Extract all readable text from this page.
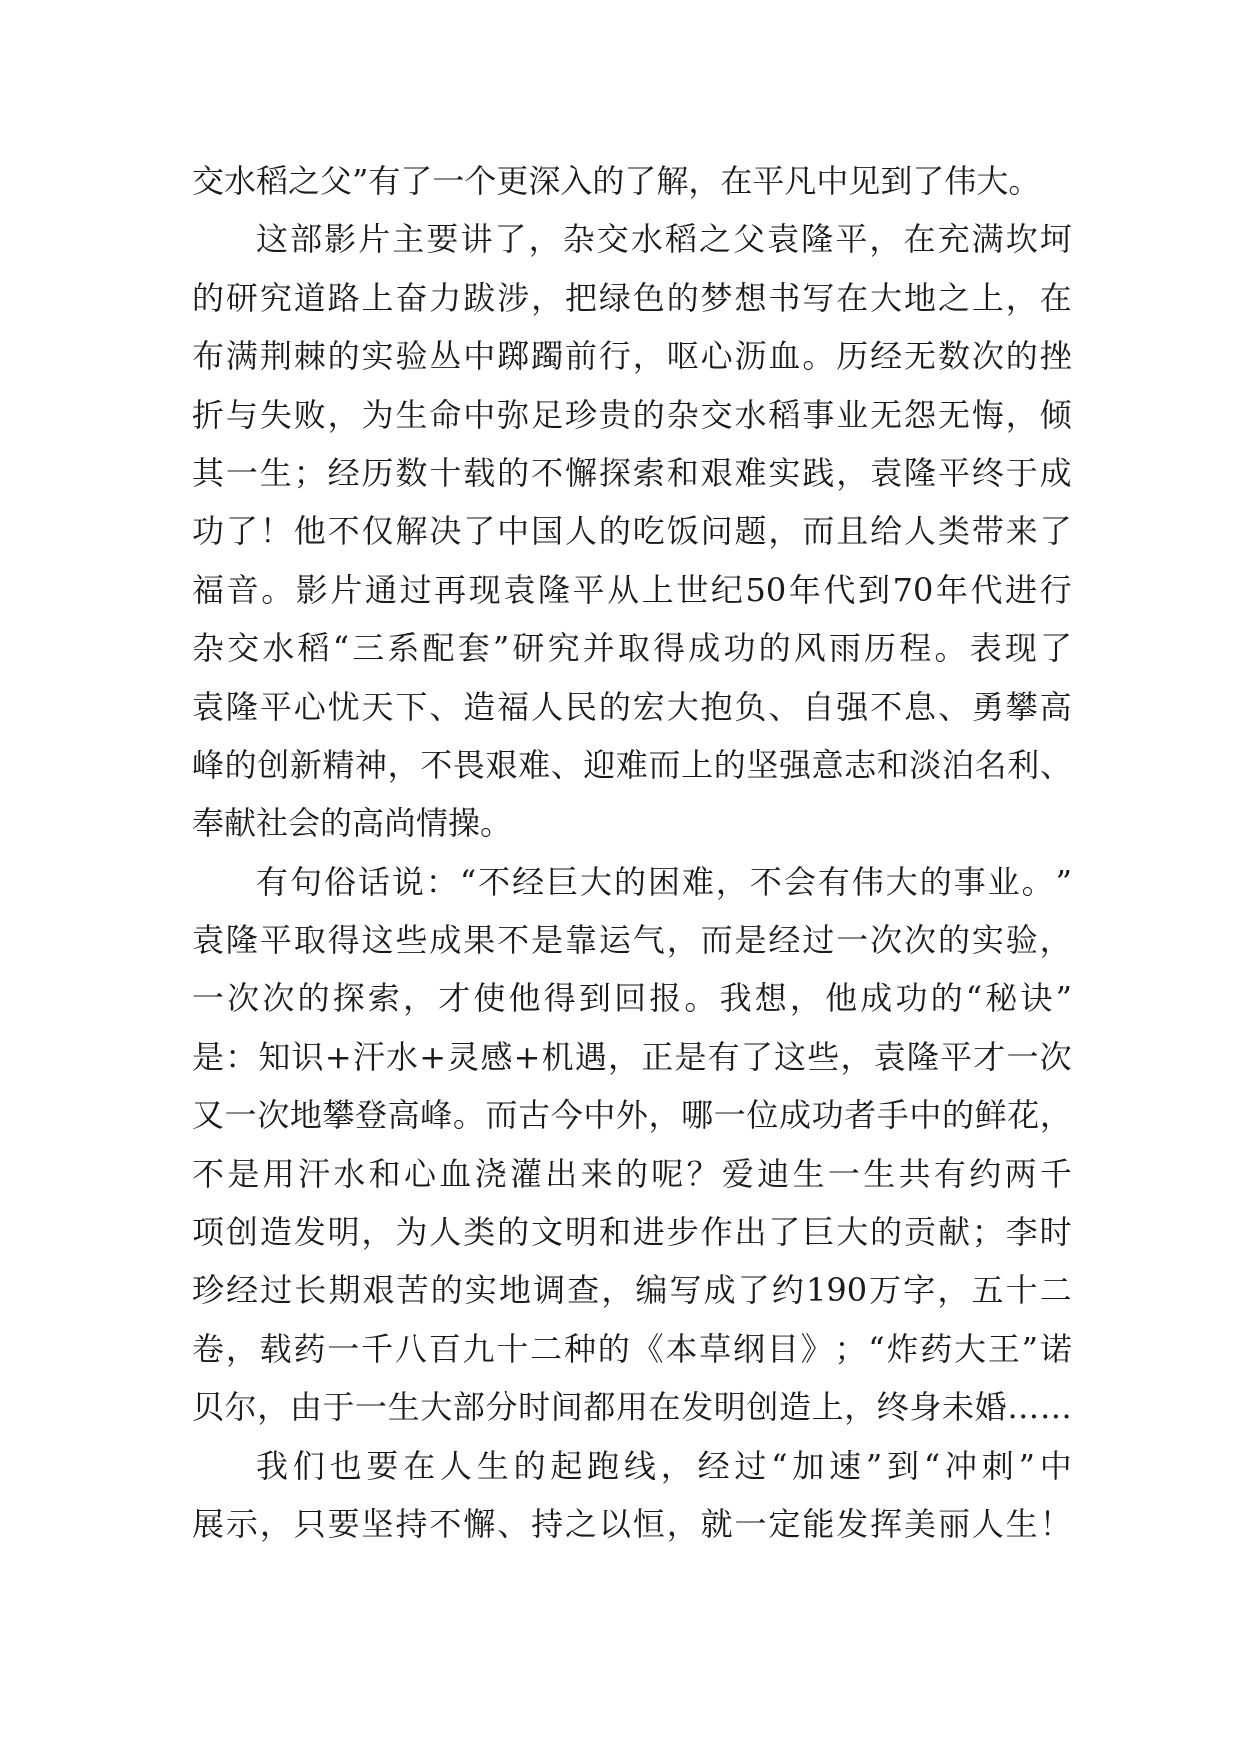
交水稻之父”有了一个更深入的了解，在平凡中见到了伟大。
这 部 影 片 主 要 讲 了 ， 杂 交 水 稻 之 父 袁 隆 平 ， 在 充 满 坎 坷
的 研 究 道 路 上 奋 力 跋 涉 ， 把 绿 色 的 梦 想 书 写 在 大 地 之 上 ， 在
布 满 荆 棘 的 实 验 丛 中 踯 躅 前 行 ， 呕 心 沥 血 。 历 经 无 数 次 的 挫
折 与 失 败 ， 为 生 命 中 弥 足 珍 贵 的 杂 交 水 稻 事 业 无 怨 无 悔 ， 倾
其 一 生 ； 经 历 数 十 载 的 不 懈 探 索 和 艰 难 实 践 ， 袁 隆 平 终 于 成
功 了 ！ 他 不 仅 解 决 了 中 国 人 的 吃 饭 问 题 ， 而 且 给 人 类 带 来 了
福 音 。 影 片 通 过 再 现 袁 隆 平 从 上 世 纪 50 年 代 到 70 年 代 进 行
杂 交 水 稻 “ 三 系 配 套 ” 研 究 并 取 得 成 功 的 风 雨 历 程 。 表 现 了
袁 隆 平 心 忧 天 下 、 造 福 人 民 的 宏 大 抱 负 、 自 强 不 息 、 勇 攀 高
峰 的 创 新 精 神 ， 不 畏 艰 难 、 迎 难 而 上 的 坚 强 意 志 和 淡 泊 名 利 、
奉献社会的高尚情操。
有 句 俗 话 说 ： “ 不 经 巨 大 的 困 难 ， 不 会 有 伟 大 的 事 业 。 ”
袁 隆 平 取 得 这 些 成 果 不 是 靠 运 气 ， 而 是 经 过 一 次 次 的 实 验 ，
一 次 次 的 探 索 ， 才 使 他 得 到 回 报 。 我 想 ， 他 成 功 的 “ 秘 诀 ”
是 ： 知 识 + 汗 水 + 灵 感 + 机 遇 ， 正 是 有 了 这 些 ， 袁 隆 平 才 一 次
又 一 次 地 攀 登 高 峰 。 而 古 今 中 外 ， 哪 一 位 成 功 者 手 中 的 鲜 花 ，
不 是 用 汗 水 和 心 血 浇 灌 出 来 的 呢 ？ 爱 迪 生 一 生 共 有 约 两 千
项 创 造 发 明 ， 为 人 类 的 文 明 和 进 步 作 出 了 巨 大 的 贡 献 ； 李 时
珍 经 过 长 期 艰 苦 的 实 地 调 查 ， 编 写 成 了 约 190 万 字 ， 五 十 二
卷 ， 载 药 一 千 八 百 九 十 二 种 的 《 本 草 纲 目 》 ； “ 炸 药 大 王 ” 诺
贝 尔 ， 由 于 一 生 大 部 分 时 间 都 用 在 发 明 创 造 上 ， 终 身 未 婚 … …
我 们 也 要 在 人 生 的 起 跑 线 ， 经 过 “ 加 速 ” 到 “ 冲 刺 ” 中
展 示 ， 只 要 坚 持 不 懈 、 持 之 以 恒 ， 就 一 定 能 发 挥 美 丽 人 生 ！
